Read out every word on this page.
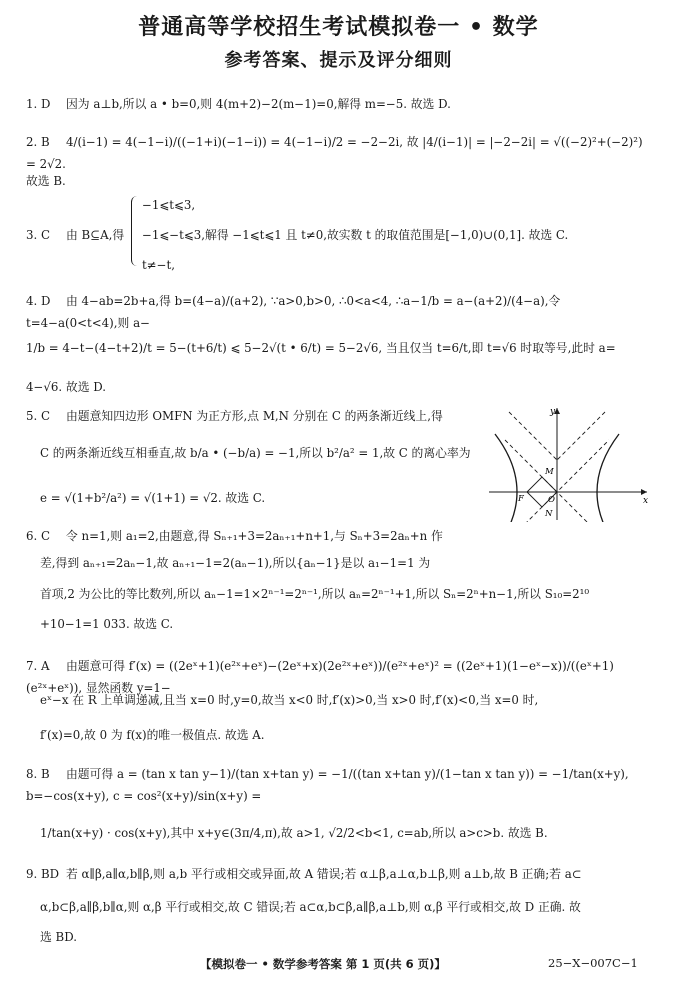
普通高等学校招生考试模拟卷一 • 数学
参考答案、提示及评分细则
1. D 因为 a⊥b,所以 a • b=0,则 4(m+2)−2(m−1)=0,解得 m=−5. 故选 D.
2. B 4/(i−1) = 4(−1−i)/((−1+i)(−1−i)) = 4(−1−i)/2 = −2−2i, 故 |4/(i−1)| = |−2−2i| = √((−2)²+(−2)²) = 2√2.
故选 B.
3. C 由 B⊆A,得
−1⩽t⩽3,
−1⩽−t⩽3,解得 −1⩽t⩽1 且 t≠0,故实数 t 的取值范围是[−1,0)∪(0,1]. 故选 C.
t≠−t,
4. D 由 4−ab=2b+a,得 b=(4−a)/(a+2), ∵a>0,b>0, ∴0<a<4, ∴a−1/b = a−(a+2)/(4−a),令 t=4−a(0<t<4),则 a−
1/b = 4−t−(4−t+2)/t = 5−(t+6/t) ⩽ 5−2√(t • 6/t) = 5−2√6, 当且仅当 t=6/t,即 t=√6 时取等号,此时 a=
4−√6. 故选 D.
5. C 由题意知四边形 OMFN 为正方形,点 M,N 分别在 C 的两条渐近线上,得
C 的两条渐近线互相垂直,故 b/a • (−b/a) = −1,所以 b²/a² = 1,故 C 的离心率为
e = √(1+b²/a²) = √(1+1) = √2. 故选 C.
y
x
M
F	O
N
6. C 令 n=1,则 a₁=2,由题意,得 Sₙ₊₁+3=2aₙ₊₁+n+1,与 Sₙ+3=2aₙ+n 作
差,得到 aₙ₊₁=2aₙ−1,故 aₙ₊₁−1=2(aₙ−1),所以{aₙ−1}是以 a₁−1=1 为
首项,2 为公比的等比数列,所以 aₙ−1=1×2ⁿ⁻¹=2ⁿ⁻¹,所以 aₙ=2ⁿ⁻¹+1,所以 Sₙ=2ⁿ+n−1,所以 S₁₀=2¹⁰
+10−1=1 033. 故选 C.
7. A 由题意可得 f′(x) = ((2eˣ+1)(e²ˣ+eˣ)−(2eˣ+x)(2e²ˣ+eˣ))/(e²ˣ+eˣ)² = ((2eˣ+1)(1−eˣ−x))/((eˣ+1)(e²ˣ+eˣ)), 显然函数 y=1−
eˣ−x 在 R 上单调递减,且当 x=0 时,y=0,故当 x<0 时,f′(x)>0,当 x>0 时,f′(x)<0,当 x=0 时,
f′(x)=0,故 0 为 f(x)的唯一极值点. 故选 A.
8. B 由题可得 a = (tan x tan y−1)/(tan x+tan y) = −1/((tan x+tan y)/(1−tan x tan y)) = −1/tan(x+y), b=−cos(x+y), c = cos²(x+y)/sin(x+y) =
1/tan(x+y) · cos(x+y),其中 x+y∈(3π/4,π),故 a>1, √2/2<b<1, c=ab,所以 a>c>b. 故选 B.
9. BD 若 α∥β,a∥α,b∥β,则 a,b 平行或相交或异面,故 A 错误;若 α⊥β,a⊥α,b⊥β,则 a⊥b,故 B 正确;若 a⊂
α,b⊂β,a∥β,b∥α,则 α,β 平行或相交,故 C 错误;若 a⊂α,b⊂β,a∥β,a⊥b,则 α,β 平行或相交,故 D 正确. 故
选 BD.
【模拟卷一 • 数学参考答案 第 1 页(共 6 页)】	25−X−007C−1
